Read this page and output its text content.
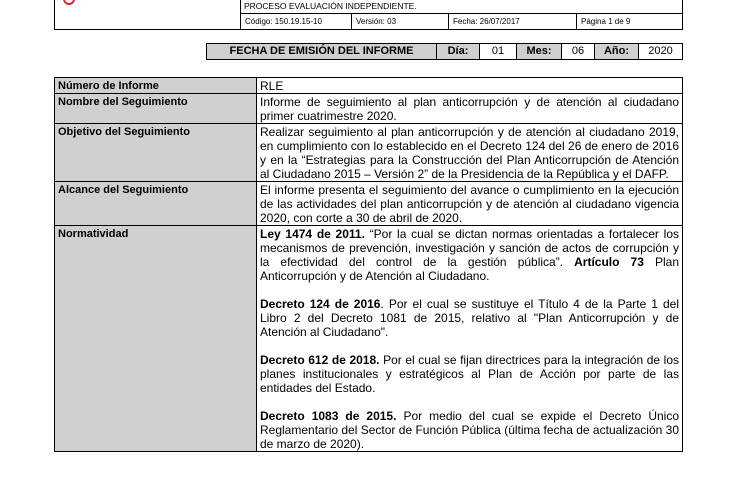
PROCESO EVALUACIÓN INDEPENDIENTE.
Código: 150.19.15-10	Versión: 03	Fecha: 26/07/2017	Página 1 de 9
FECHA DE EMISIÓN DEL INFORME	Día:	01	Mes:	06	Año:	2020
Número de Informe	RLE
Nombre del Seguimiento	Informe de seguimiento al plan anticorrupción y de atención al ciudadano primer cuatrimestre 2020.
Objetivo del Seguimiento	Realizar seguimiento al plan anticorrupción y de atención al ciudadano 2019, en cumplimiento con lo establecido en el Decreto 124 del 26 de enero de 2016 y en la “Estrategias para la Construcción del Plan Anticorrupción de Atención al Ciudadano 2015 – Versión 2” de la Presidencia de la República y el DAFP.
Alcance del Seguimiento	El informe presenta el seguimiento del avance o cumplimiento en la ejecución de las actividades del plan anticorrupción y de atención al ciudadano vigencia 2020, con corte a 30 de abril de 2020.
Normatividad	Ley 1474 de 2011. “Por la cual se dictan normas orientadas a fortalecer los mecanismos de prevención, investigación y sanción de actos de corrupción y la efectividad del control de la gestión pública”. Artículo 73 Plan Anticorrupción y de Atención al Ciudadano.

Decreto 124 de 2016. Por el cual se sustituye el Título 4 de la Parte 1 del Libro 2 del Decreto 1081 de 2015, relativo al "Plan Anticorrupción y de Atención al Ciudadano".

Decreto 612 de 2018. Por el cual se fijan directrices para la integración de los planes institucionales y estratégicos al Plan de Acción por parte de las entidades del Estado.

Decreto 1083 de 2015. Por medio del cual se expide el Decreto Único Reglamentario del Sector de Función Pública (última fecha de actualización 30 de marzo de 2020).
